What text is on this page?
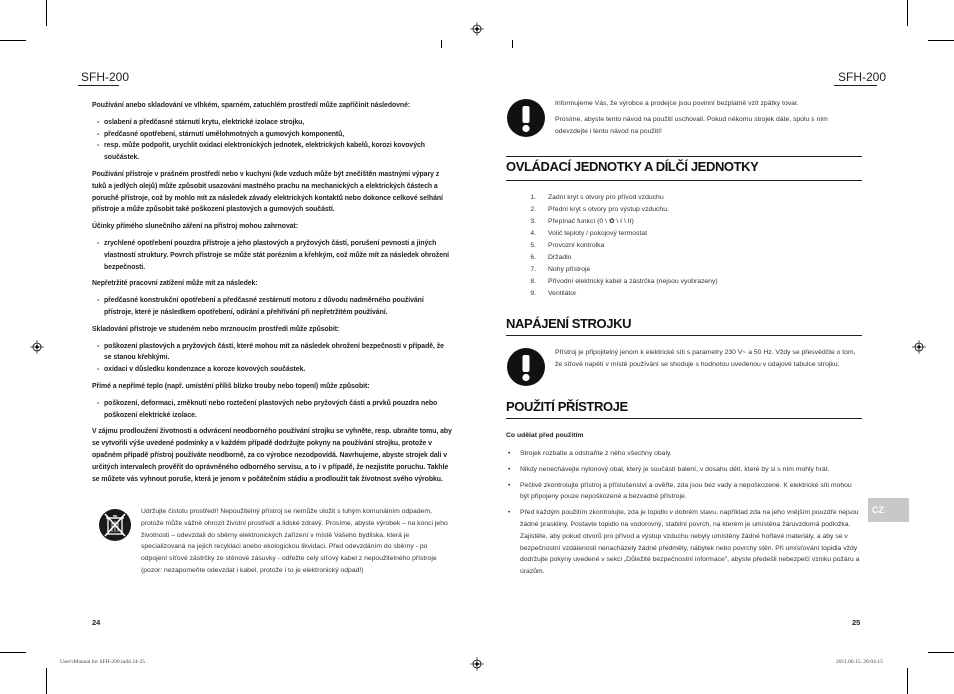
SFH-200	SFH-200

Používání anebo skladování ve vlhkém, sparném, zatuchlém prostředí může zapříčinit následovné:

- oslabení a předčasné stárnutí krytu, elektrické izolace strojku,
- předčasné opotřebení, stárnutí umělohmotných a gumových komponentů,
- resp. může podpořit, urychlit oxidaci elektronických jednotek, elektrických kabelů, korozi kovových součástek.

Používání přístroje v prašném prostředí nebo v kuchyni (kde vzduch může být znečištěn mastnými výpary z tuků a jedlých olejů) může způsobit usazování mastného prachu na mechanických a elektrických částech a poruchě přístroje, což by mohlo mít za následek závady elektrických kontaktů nebo dokonce celkové selhání přístroje a může způsobit také poškození plastových a gumových součástí.

Účinky přímého slunečního záření na přístroj mohou zahrnovat:

- zrychlené opotřebení pouzdra přístroje a jeho plastových a pryžových částí, porušení pevnosti a jiných vlastností struktury. Povrch přístroje se může stát porézním a křehkým, což může mít za následek ohrožení bezpečnosti.

Nepřetržité pracovní zatížení může mít za následek:

- předčasné konstrukční opotřebení a předčasné zestárnutí motoru z důvodu nadměrného používání přístroje, které je následkem opotřebení, odírání a přehřívání při nepřetržitém používání.

Skladování přístroje ve studeném nebo mrznoucím prostředí může způsobit:

- poškození plastových a pryžových částí, které mohou mít za následek ohrožení bezpečnosti v případě, že se stanou křehkými.
- oxidaci v důsledku kondenzace a koroze kovových součástek.

Přímé a nepřímé teplo (např. umístění příliš blízko trouby nebo topení) může způsobit:

- poškození, deformaci, změknutí nebo roztečení plastových nebo pryžových částí a prvků pouzdra nebo poškození elektrické izolace.

V zájmu prodloužení životnosti a odvrácení neodborného používání strojku se vyhněte, resp. ubraňte tomu, aby se vytvořili výše uvedené podmínky a v každém případě dodržujte pokyny na používání strojku, protože v opačném případě přístroj používáte neodborně, za co výrobce nezodpovídá. Navrhujeme, abyste strojek dali v určitých intervalech prověřit do oprávněného odborného servisu, a to i v případě, že nezjistíte poruchu. Takhle se můžete vás vyhnout poruše, která je jenom v počátečním stádiu a prodloužit tak životnost svého výrobku.

Udržujte čistotu prostředí! Nepoužitelný přístroj se nemůže uložit s tuhým komunálním odpadem, protože může vážně ohrozit životní prostředí a lidské zdravý. Prosíme, abyste výrobek – na konci jeho životnosti – odevzdali do sběrny elektronických zařízení v místě Vašeho bydliska, která je specializovaná na jejich recyklaci anebo ekologickou likvidaci. Před odevzdáním do sběrny - po odpojení síťové zástrčky ze stěnové zásuvky - odřežte celý síťový kabel z nepoužitelného přístroje (pozor: nezapomeňte odevzdat i kabel, protože i to je elektronický odpad!)
24

Informujeme Vás, že výrobce a prodejce jsou povinní bezplatně vzít zpátky tovar.

Prosíme, abyste tento návod na použití uschovali. Pokud někomu strojek dáte, spolu s ním odevzdejte i tento návod na použití!

OVLÁDACÍ JEDNOTKY A DÍLČÍ JEDNOTKY
1.	Zadní kryt s otvory pro přívod vzduchu
2.	Přední kryt s otvory pro výstup vzduchu.
3.	Přepínač funkcí (0 \ ✿ \ I \ II)
4.	Volič teploty / pokojový termostat
5.	Provozní kontrolka
6.	Držadlo
7.	Nohy přístroje
8.	Přívodní elektrický kabel a zástrčka (nejsou vyobrazeny)
9.	Ventilátor
NAPÁJENÍ STROJKU
Přístroj je připojitelný jenom k elektrické síti s parametry 230 V~ a 50 Hz. Vždy se přesvědčte o tom, že síťové napětí v místě používání se shoduje s hodnotou uvedenou v údajové tabulce strojku.
POUŽITÍ PŘÍSTROJE
Co udělat před použitím
• Strojek rozbalte a odstraňte z něho všechny obaly.
• Nikdy nenechávejte nylonový obal, který je součástí balení, v dosahu dětí, které by si s ním mohly hrát.
• Pečlivě zkontrolujte přístroj a příslušenství a ověřte, zda jsou bez vady a nepoškozené. K elektrické síti mohou být připojeny pouze nepoškozené a bezvadné přístroje.
• Před každým použitím zkontrolujte, zda je topidlo v dobrém stavu, například zda na jeho vnějším pouzdře nejsou žádné praskliny. Postavte topidlo na vodorovný, stabilní povrch, na kterém je umístěna žáruvzdorná podložka. Zajistěte, aby pokud otvorů pro přívod a výstup vzduchu nebyly umístěny žádné hořlavé materiály, a aby se v bezpečnostní vzdálenosti nenacházely žádné předměty, nábytek nebo povrchy stěn. Při umísťování topidla vždy dodržujte pokyny uvedené v sekci „Důležité bezpečnostní informace", abyste předešli nebezpečí vzniku požáru a úrazům.
CZ
25
User'sManual for SFH-200.indd 24-25	2011.06.15. 20:04:15
